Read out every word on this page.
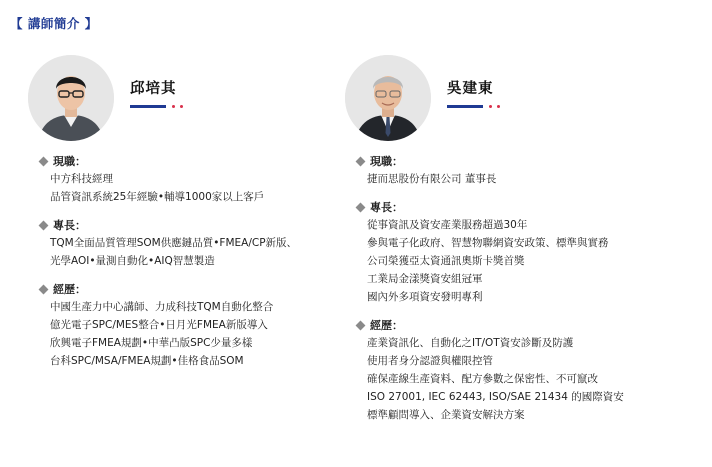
【 講師簡介 】
邱培其
現職：
中方科技經理
品管資訊系統25年經驗•輔導1000家以上客戶
專長：
TQM全面品質管理SOM供應鏈品質•FMEA/CP新版、
光學AOI•量測自動化•AIQ智慧製造
經歷：
中國生產力中心講師、力成科技TQM自動化整合
億光電子SPC/MES整合•日月光FMEA新版導入
欣興電子FMEA規劃•中華凸版SPC少量多樣
台科SPC/MSA/FMEA規劃•佳格食品SOM
吳建東
現職：
捷而思股份有限公司 董事長
專長：
從事資訊及資安產業服務超過30年
參與電子化政府、智慧物聯網資安政策、標準與實務
公司榮獲亞太資通訊奧斯卡獎首獎
工業局金漾獎資安組冠軍
國內外多項資安發明專利
經歷：
產業資訊化、自動化之IT/OT資安診斷及防護
使用者身分認證與權限控管
確保產線生產資料、配方參數之保密性、不可竄改
ISO 27001, IEC 62443, ISO/SAE 21434 的國際資安
標準顧問導入、企業資安解決方案
